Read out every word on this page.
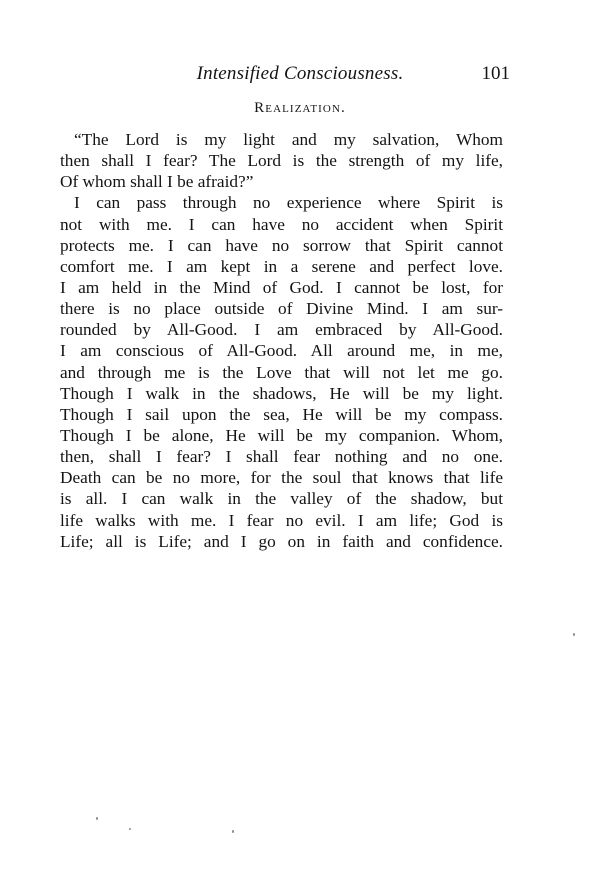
Intensified Consciousness.	101
Realization.
“The Lord is my light and my salvation, Whom
then shall I fear? The Lord is the strength of my life,
Of whom shall I be afraid?”
I can pass through no experience where Spirit is
not with me. I can have no accident when Spirit
protects me. I can have no sorrow that Spirit cannot
comfort me. I am kept in a serene and perfect love.
I am held in the Mind of God. I cannot be lost, for
there is no place outside of Divine Mind. I am sur-
rounded by All-Good. I am embraced by All-Good.
I am conscious of All-Good. All around me, in me,
and through me is the Love that will not let me go.
Though I walk in the shadows, He will be my light.
Though I sail upon the sea, He will be my compass.
Though I be alone, He will be my companion. Whom,
then, shall I fear? I shall fear nothing and no one.
Death can be no more, for the soul that knows that life
is all. I can walk in the valley of the shadow, but
life walks with me. I fear no evil. I am life; God is
Life; all is Life; and I go on in faith and confidence.
